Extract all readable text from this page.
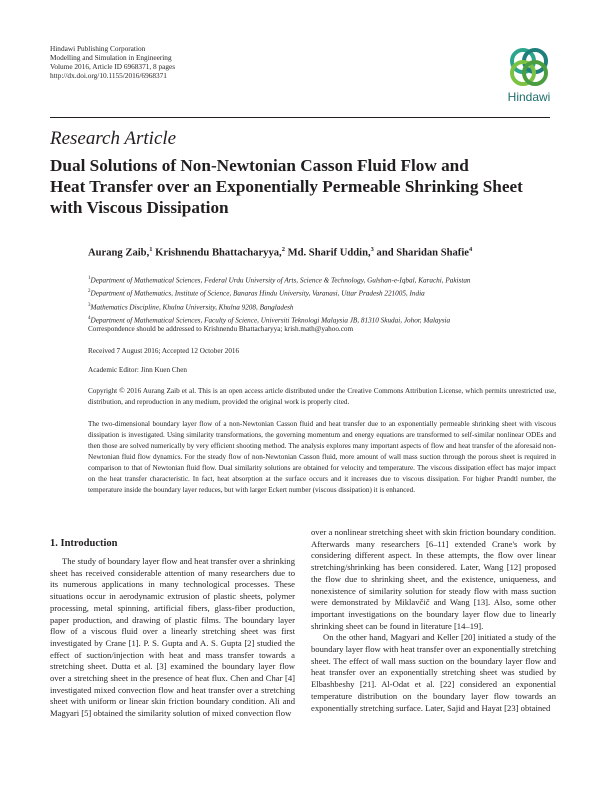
Hindawi Publishing Corporation
Modelling and Simulation in Engineering
Volume 2016, Article ID 6968371, 8 pages
http://dx.doi.org/10.1155/2016/6968371
Hindawi
Research Article
Dual Solutions of Non-Newtonian Casson Fluid Flow and
Heat Transfer over an Exponentially Permeable Shrinking Sheet
with Viscous Dissipation
Aurang Zaib,$^1$ Krishnendu Bhattacharyya,$^2$ Md. Sharif Uddin,$^3$ and Sharidan Shafie$^4$
$^1$Department of Mathematical Sciences, Federal Urdu University of Arts, Science & Technology, Gulshan-e-Iqbal, Karachi, Pakistan
$^2$Department of Mathematics, Institute of Science, Banaras Hindu University, Varanasi, Uttar Pradesh 221005, India
$^3$Mathematics Discipline, Khulna University, Khulna 9208, Bangladesh
$^4$Department of Mathematical Sciences, Faculty of Science, Universiti Teknologi Malaysia JB, 81310 Skudai, Johor, Malaysia
Correspondence should be addressed to Krishnendu Bhattacharyya; krish.math@yahoo.com
Received 7 August 2016; Accepted 12 October 2016
Academic Editor: Jinn Kuen Chen
Copyright © 2016 Aurang Zaib et al. This is an open access article distributed under the Creative Commons Attribution License, which permits unrestricted use, distribution, and reproduction in any medium, provided the original work is properly cited.
The two-dimensional boundary layer flow of a non-Newtonian Casson fluid and heat transfer due to an exponentially permeable shrinking sheet with viscous dissipation is investigated. Using similarity transformations, the governing momentum and energy equations are transformed to self-similar nonlinear ODEs and then those are solved numerically by very efficient shooting method. The analysis explores many important aspects of flow and heat transfer of the aforesaid non-Newtonian fluid flow dynamics. For the steady flow of non-Newtonian Casson fluid, more amount of wall mass suction through the porous sheet is required in comparison to that of Newtonian fluid flow. Dual similarity solutions are obtained for velocity and temperature. The viscous dissipation effect has major impact on the heat transfer characteristic. In fact, heat absorption at the surface occurs and it increases due to viscous dissipation. For higher Prandtl number, the temperature inside the boundary layer reduces, but with larger Eckert number (viscous dissipation) it is enhanced.
1. Introduction

The study of boundary layer flow and heat transfer over a shrinking sheet has received considerable attention of many researchers due to its numerous applications in many technological processes. These situations occur in aerodynamic extrusion of plastic sheets, polymer processing, metal spinning, artificial fibers, glass-fiber production, paper production, and drawing of plastic films. The boundary layer flow of a viscous fluid over a linearly stretching sheet was first investigated by Crane [1]. P. S. Gupta and A. S. Gupta [2] studied the effect of suction/injection with heat and mass transfer towards a stretching sheet. Dutta et al. [3] examined the boundary layer flow over a stretching sheet in the presence of heat flux. Chen and Char [4] investigated mixed convection flow and heat transfer over a stretching sheet with uniform or linear skin friction boundary condition. Ali and Magyari [5] obtained the similarity solution of mixed convection flow

over a nonlinear stretching sheet with skin friction boundary condition. Afterwards many researchers [6–11] extended Crane's work by considering different aspect. In these attempts, the flow over linear stretching/shrinking has been considered. Later, Wang [12] proposed the flow due to shrinking sheet, and the existence, uniqueness, and nonexistence of similarity solution for steady flow with mass suction were demonstrated by Miklavčič and Wang [13]. Also, some other important investigations on the boundary layer flow due to linearly shrinking sheet can be found in literature [14–19].

On the other hand, Magyari and Keller [20] initiated a study of the boundary layer flow with heat transfer over an exponentially stretching sheet. The effect of wall mass suction on the boundary layer flow and heat transfer over an exponentially stretching sheet was studied by Elbashbeshy [21]. Al-Odat et al. [22] considered an exponential temperature distribution on the boundary layer flow towards an exponentially stretching surface. Later, Sajid and Hayat [23] obtained
